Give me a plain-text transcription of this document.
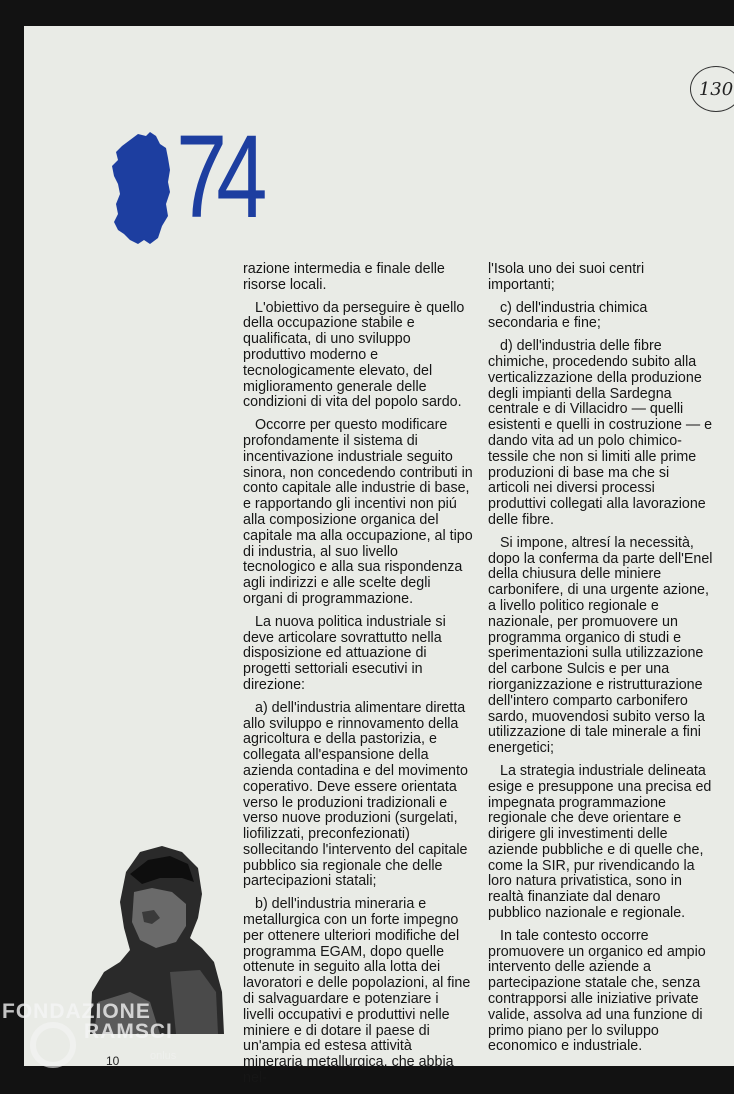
130
74

razione intermedia e finale delle risorse locali.

L'obiettivo da perseguire è quello della occupazione stabile e qualificata, di uno sviluppo produttivo moderno e tecnologicamente elevato, del miglioramento generale delle condizioni di vita del popolo sardo.

Occorre per questo modificare profondamente il sistema di incentivazione industriale seguito sinora, non concedendo contributi in conto capitale alle industrie di base, e rapportando gli incentivi non piú alla composizione organica del capitale ma alla occupazione, al tipo di industria, al suo livello tecnologico e alla sua rispondenza agli indirizzi e alle scelte degli organi di programmazione.

La nuova politica industriale si deve articolare sovrattutto nella disposizione ed attuazione di progetti settoriali esecutivi in direzione:

a) dell'industria alimentare diretta allo sviluppo e rinnovamento della agricoltura e della pastorizia, e collegata all'espansione della azienda contadina e del movimento coperativo. Deve essere orientata verso le produzioni tradizionali e verso nuove produzioni (surgelati, liofilizzati, preconfezionati) sollecitando l'intervento del capitale pubblico sia regionale che delle partecipazioni statali;

b) dell'industria mineraria e metallurgica con un forte impegno per ottenere ulteriori modifiche del programma EGAM, dopo quelle ottenute in seguito alla lotta dei lavoratori e delle popolazioni, al fine di salvaguardare e potenziare i livelli occupativi e produttivi nelle miniere e di dotare il paese di un'ampia ed estesa attività mineraria metallurgica, che abbia nel-

l'Isola uno dei suoi centri importanti;

c) dell'industria chimica secondaria e fine;

d) dell'industria delle fibre chimiche, procedendo subito alla verticalizzazione della produzione degli impianti della Sardegna centrale e di Villacidro — quelli esistenti e quelli in costruzione — e dando vita ad un polo chimico-tessile che non si limiti alle prime produzioni di base ma che si articoli nei diversi processi produttivi collegati alla lavorazione delle fibre.

Si impone, altresí la necessità, dopo la conferma da parte dell'Enel della chiusura delle miniere carbonifere, di una urgente azione, a livello politico regionale e nazionale, per promuovere un programma organico di studi e sperimentazioni sulla utilizzazione del carbone Sulcis e per una riorganizzazione e ristrutturazione dell'intero comparto carbonifero sardo, muovendosi subito verso la utilizzazione di tale minerale a fini energetici;

La strategia industriale delineata esige e presuppone una precisa ed impegnata programmazione regionale che deve orientare e dirigere gli investimenti delle aziende pubbliche e di quelle che, come la SIR, pur rivendicando la loro natura privatistica, sono in realtà finanziate dal denaro pubblico nazionale e regionale.

In tale contesto occorre promuovere un organico ed ampio intervento delle aziende a partecipazione statale che, senza contrapporsi alle iniziative private valide, assolva ad una funzione di primo piano per lo sviluppo economico e industriale.

10
FONDAZIONE
RAMSCI
onlus
